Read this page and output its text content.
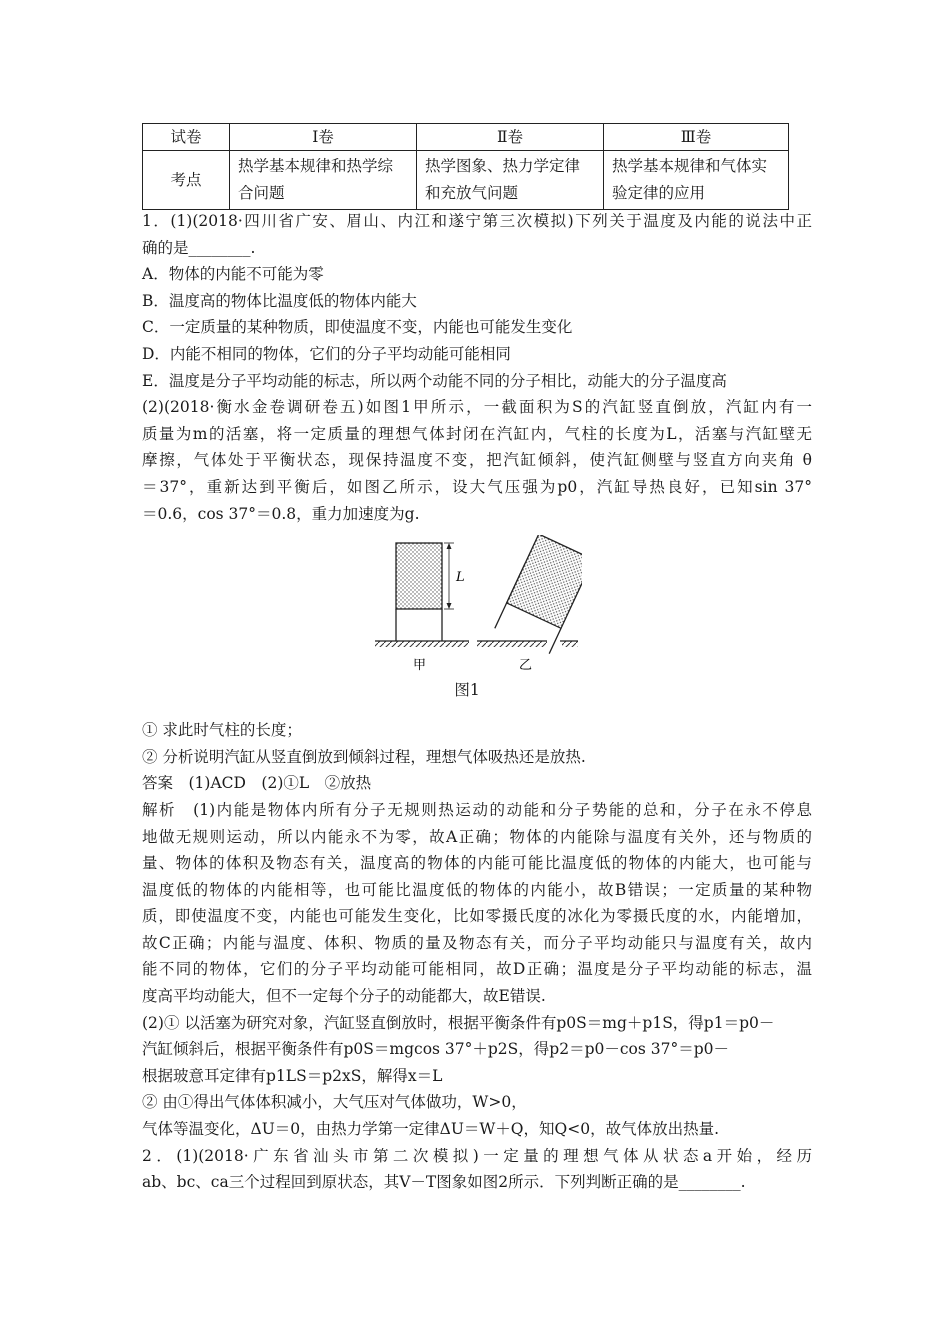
试卷	Ⅰ卷	Ⅱ卷	Ⅲ卷
考点	热学基本规律和热学综合问题	热学图象、热力学定律和充放气问题	热学基本规律和气体实验定律的应用
1．(1)(2018·四川省广安、眉山、内江和遂宁第三次模拟)下列关于温度及内能的说法中正
确的是________.
A．物体的内能不可能为零
B．温度高的物体比温度低的物体内能大
C．一定质量的某种物质，即使温度不变，内能也可能发生变化
D．内能不相同的物体，它们的分子平均动能可能相同
E．温度是分子平均动能的标志，所以两个动能不同的分子相比，动能大的分子温度高
(2)(2018·衡水金卷调研卷五)如图1甲所示，一截面积为S的汽缸竖直倒放，汽缸内有一
质量为m的活塞，将一定质量的理想气体封闭在汽缸内，气柱的长度为L，活塞与汽缸壁无
摩擦，气体处于平衡状态，现保持温度不变，把汽缸倾斜，使汽缸侧壁与竖直方向夹角 θ
＝37°，重新达到平衡后，如图乙所示，设大气压强为p0，汽缸导热良好，已知sin 37°
＝0.6，cos 37°＝0.8，重力加速度为g.
L
甲	乙
图1
① 求此时气柱的长度；
② 分析说明汽缸从竖直倒放到倾斜过程，理想气体吸热还是放热.
答案　(1)ACD　(2)①L　②放热
解析　(1)内能是物体内所有分子无规则热运动的动能和分子势能的总和，分子在永不停息
地做无规则运动，所以内能永不为零，故A正确；物体的内能除与温度有关外，还与物质的
量、物体的体积及物态有关，温度高的物体的内能可能比温度低的物体的内能大，也可能与
温度低的物体的内能相等，也可能比温度低的物体的内能小，故B错误；一定质量的某种物
质，即使温度不变，内能也可能发生变化，比如零摄氏度的冰化为零摄氏度的水，内能增加，
故C正确；内能与温度、体积、物质的量及物态有关，而分子平均动能只与温度有关，故内
能不同的物体，它们的分子平均动能可能相同，故D正确；温度是分子平均动能的标志，温
度高平均动能大，但不一定每个分子的动能都大，故E错误.
(2)① 以活塞为研究对象，汽缸竖直倒放时，根据平衡条件有p0S＝mg＋p1S，得p1＝p0－
汽缸倾斜后，根据平衡条件有p0S＝mgcos 37°＋p2S，得p2＝p0－cos 37°＝p0－
根据玻意耳定律有p1LS＝p2xS，解得x＝L
② 由①得出气体体积减小，大气压对气体做功，W>0，
气体等温变化，ΔU＝0，由热力学第一定律ΔU＝W＋Q，知Q<0，故气体放出热量.
2．(1)(2018·广东省汕头市第二次模拟)一定量的理想气体从状态a开始，经历
ab、bc、ca三个过程回到原状态，其V－T图象如图2所示．下列判断正确的是________.
